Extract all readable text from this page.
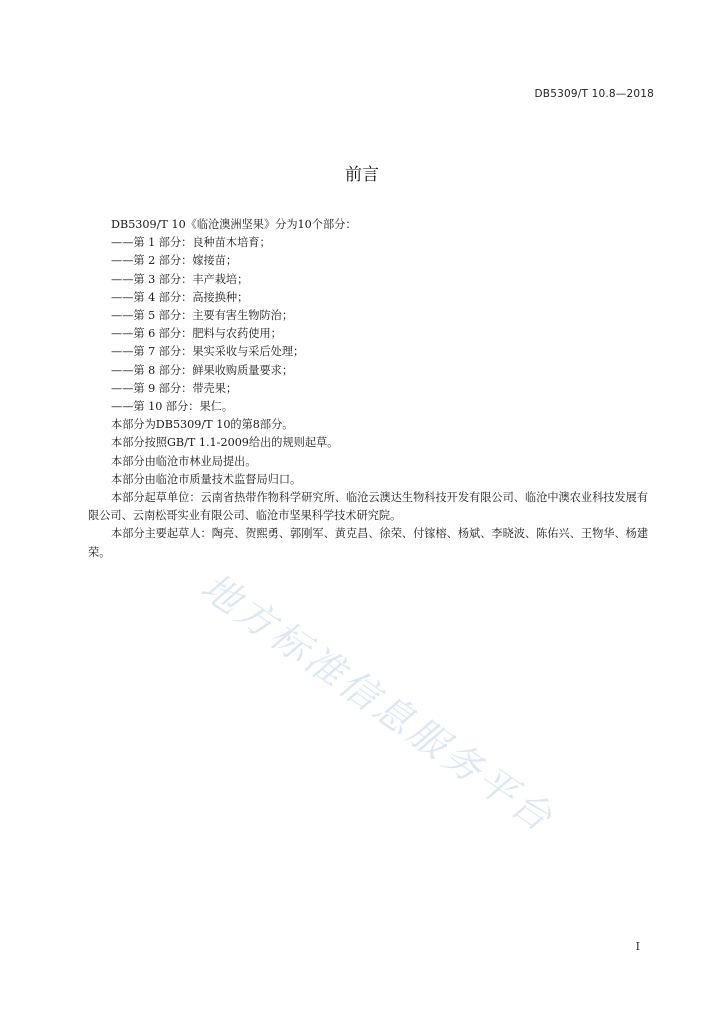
DB5309/T 10.8—2018
前言

DB5309/T 10《临沧澳洲坚果》分为10个部分：

——第 1 部分：良种苗木培育；

——第 2 部分：嫁接苗；

——第 3 部分：丰产栽培；

——第 4 部分：高接换种；

——第 5 部分：主要有害生物防治；

——第 6 部分：肥料与农药使用；

——第 7 部分：果实采收与采后处理；

——第 8 部分：鲜果收购质量要求；

——第 9 部分：带壳果；

——第 10 部分：果仁。

本部分为DB5309/T 10的第8部分。

本部分按照GB/T 1.1-2009给出的规则起草。

本部分由临沧市林业局提出。

本部分由临沧市质量技术监督局归口。

本部分起草单位：云南省热带作物科学研究所、临沧云澳达生物科技开发有限公司、临沧中澳农业科技发展有限公司、云南松哥实业有限公司、临沧市坚果科学技术研究院。

本部分主要起草人：陶亮、贺熙勇、郭刚军、黄克昌、徐荣、付镓榕、杨斌、李晓波、陈佑兴、王物华、杨建荣。

地方标准信息服务平台
I
